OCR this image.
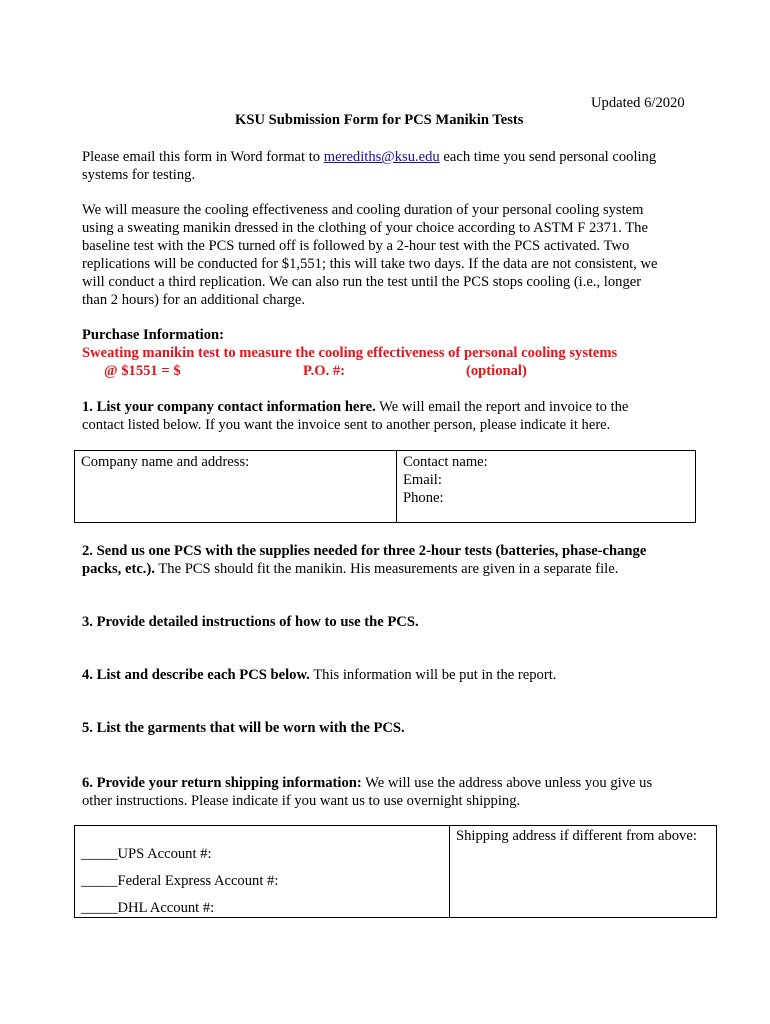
Updated 6/2020
KSU Submission Form for PCS Manikin Tests
Please email this form in Word format to merediths@ksu.edu each time you send personal cooling
systems for testing.
We will measure the cooling effectiveness and cooling duration of your personal cooling system
using a sweating manikin dressed in the clothing of your choice according to ASTM F 2371. The
baseline test with the PCS turned off is followed by a 2-hour test with the PCS activated. Two
replications will be conducted for $1,551; this will take two days. If the data are not consistent, we
will conduct a third replication. We can also run the test until the PCS stops cooling (i.e., longer
than 2 hours) for an additional charge.
Purchase Information:
Sweating manikin test to measure the cooling effectiveness of personal cooling systems
@ $1551 = $	P.O. #:	(optional)
1. List your company contact information here. We will email the report and invoice to the
contact listed below. If you want the invoice sent to another person, please indicate it here.
Company name and address:	Contact name:
Email:
Phone:
2. Send us one PCS with the supplies needed for three 2-hour tests (batteries, phase-change
packs, etc.). The PCS should fit the manikin. His measurements are given in a separate file.
3. Provide detailed instructions of how to use the PCS.
4. List and describe each PCS below. This information will be put in the report.
5. List the garments that will be worn with the PCS.
6. Provide your return shipping information: We will use the address above unless you give us
other instructions. Please indicate if you want us to use overnight shipping.
_____UPS Account #:
_____Federal Express Account #:
_____DHL Account #:

Shipping address if different from above:
